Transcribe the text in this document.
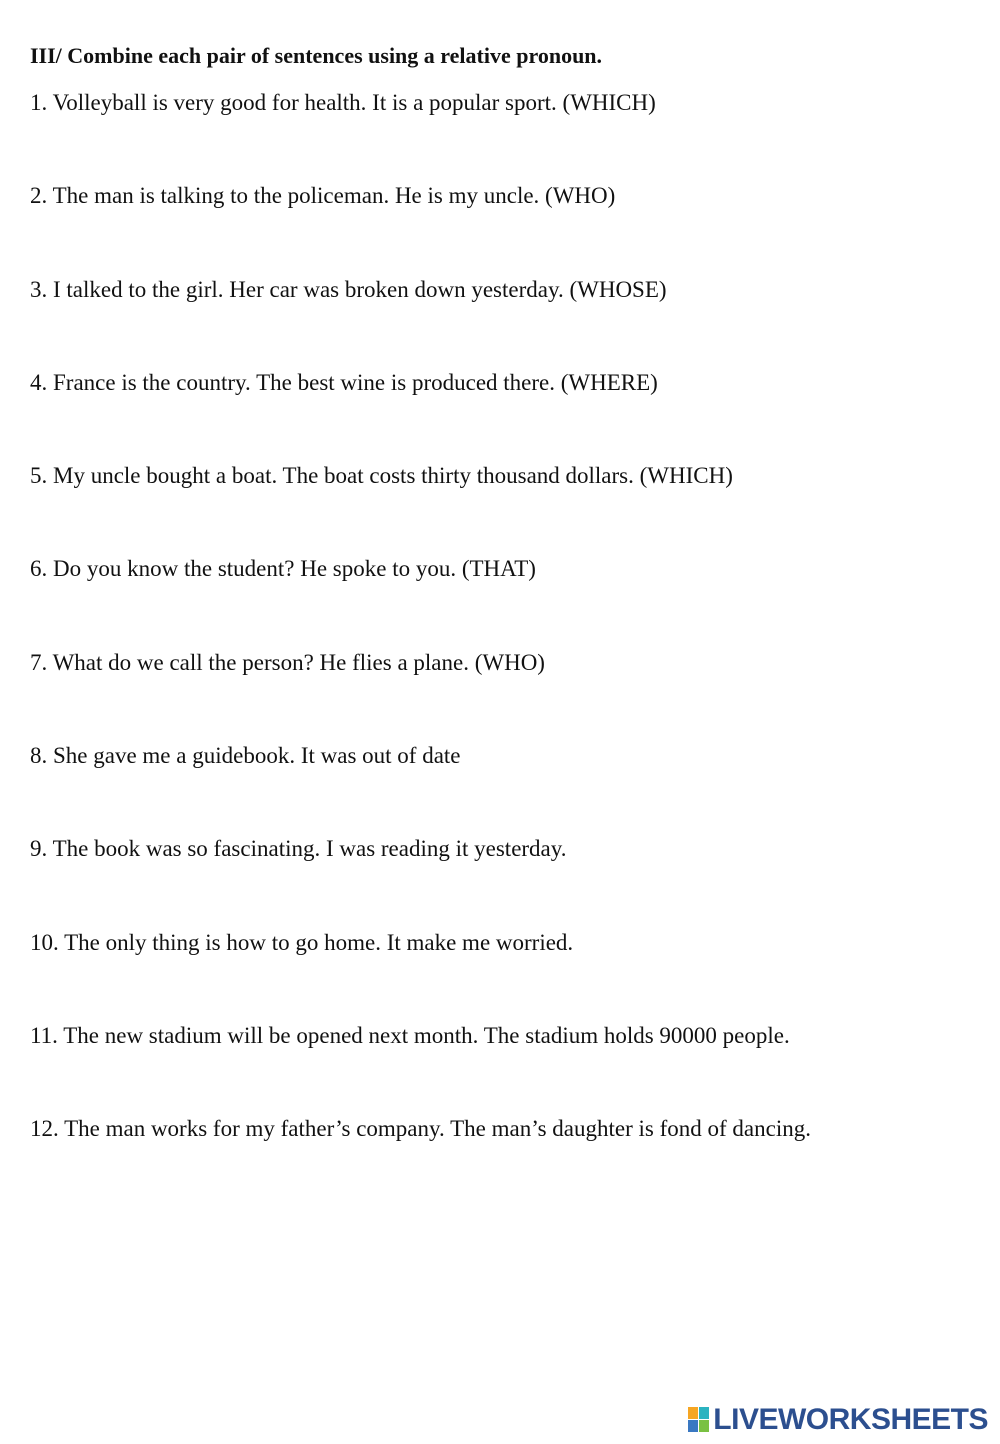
III/ Combine each pair of sentences using a relative pronoun.
1. Volleyball is very good for health. It is a popular sport. (WHICH)
2. The man is talking to the policeman. He is my uncle. (WHO)
3. I talked to the girl. Her car was broken down yesterday. (WHOSE)
4. France is the country. The best wine is produced there. (WHERE)
5. My uncle bought a boat. The boat costs thirty thousand dollars. (WHICH)
6. Do you know the student? He spoke to you. (THAT)
7. What do we call the person? He flies a plane. (WHO)
8. She gave me a guidebook. It was out of date
9. The book was so fascinating. I was reading it yesterday.
10. The only thing is how to go home. It make me worried.
11. The new stadium will be opened next month. The stadium holds 90000 people.
12. The man works for my father’s company. The man’s daughter is fond of dancing.
LIVEWORKSHEETS
